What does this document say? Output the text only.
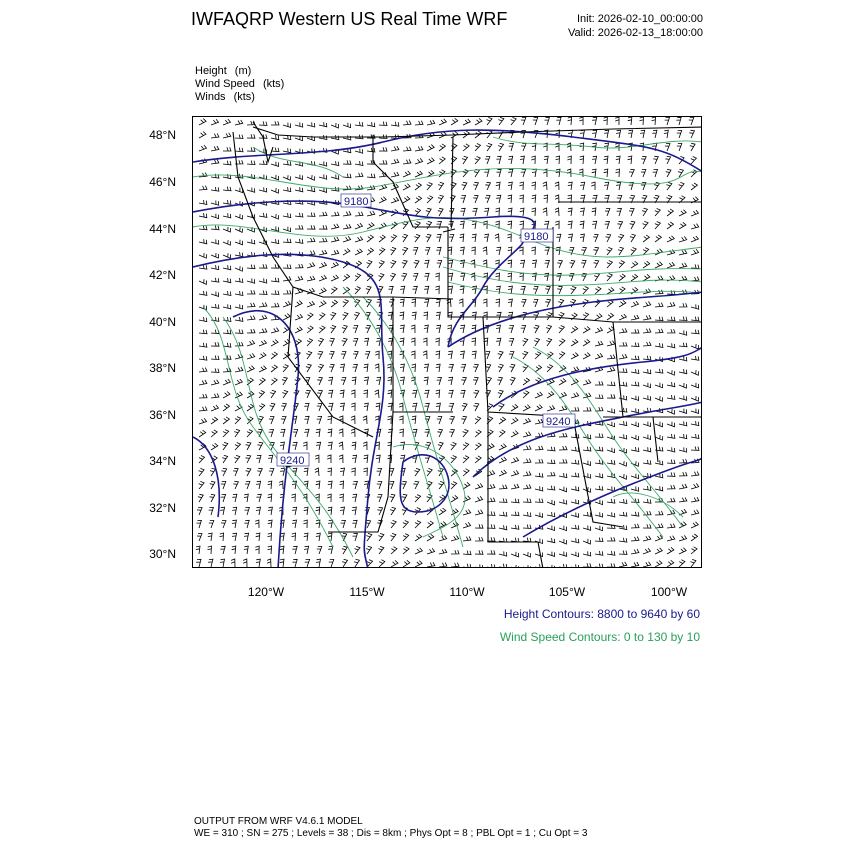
IWFAQRP Western US Real Time WRF	Init: 2026-02-10_00:00:00
Valid: 2026-02-13_18:00:00
Height (m)
Wind Speed (kts)
Winds (kts)
48°N
46°N
44°N
42°N
40°N
38°N
36°N
34°N
32°N
30°N
120°W	115°W	110°W	105°W	100°W
9180
9180
9240
9240
Height Contours: 8800 to 9640 by 60
Wind Speed Contours: 0 to 130 by 10
OUTPUT FROM WRF V4.6.1 MODEL
WE = 310 ; SN = 275 ; Levels = 38 ; Dis = 8km ; Phys Opt = 8 ; PBL Opt = 1 ; Cu Opt = 3
